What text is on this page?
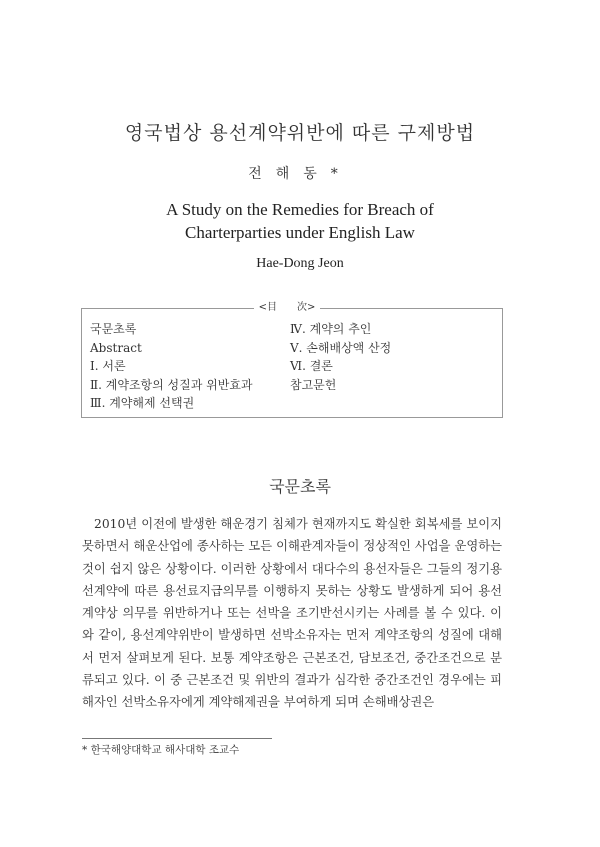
영국법상 용선계약위반에 따른 구제방법
전해동*
A Study on the Remedies for Breach of
Charterparties under English Law
Hae-Dong Jeon
<目　　次>
국문초록
Abstract
Ⅰ. 서론
Ⅱ. 계약조항의 성질과 위반효과
Ⅲ. 계약해제 선택권
Ⅳ. 계약의 추인
Ⅴ. 손해배상액 산정
Ⅵ. 결론
참고문헌
국문초록

2010년 이전에 발생한 해운경기 침체가 현재까지도 확실한 회복세를 보이지 못하면서 해운산업에 종사하는 모든 이해관계자들이 정상적인 사업을 운영하는 것이 쉽지 않은 상황이다. 이러한 상황에서 대다수의 용선자들은 그들의 정기용선계약에 따른 용선료지급의무를 이행하지 못하는 상황도 발생하게 되어 용선계약상 의무를 위반하거나 또는 선박을 조기반선시키는 사례를 볼 수 있다. 이와 같이, 용선계약위반이 발생하면 선박소유자는 먼저 계약조항의 성질에 대해서 먼저 살펴보게 된다. 보통 계약조항은 근본조건, 담보조건, 중간조건으로 분류되고 있다. 이 중 근본조건 및 위반의 결과가 심각한 중간조건인 경우에는 피해자인 선박소유자에게 계약해제권을 부여하게 되며 손해배상권은

* 한국해양대학교 해사대학 조교수
